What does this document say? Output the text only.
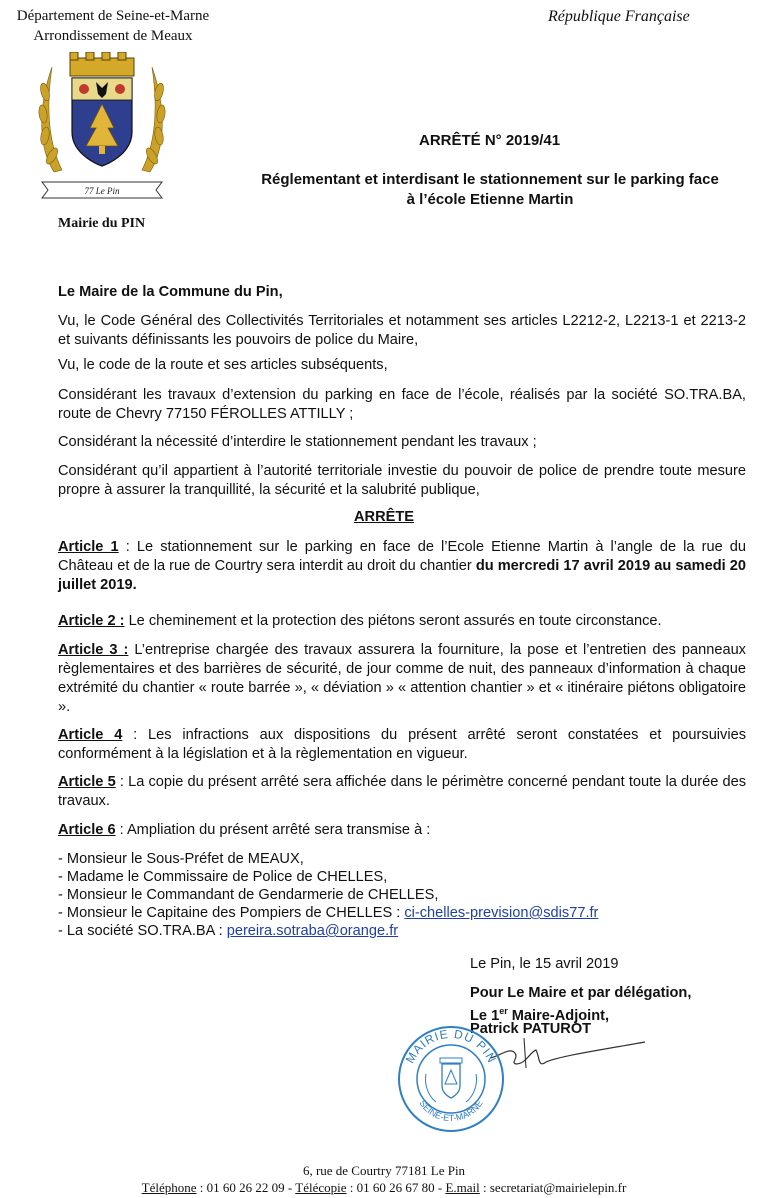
Département de Seine-et-Marne
Arrondissement de Meaux
République Française
77 Le Pin
Mairie du PIN
ARRÊTÉ N° 2019/41
Réglementant et interdisant le stationnement sur le parking face
à l’école Etienne Martin
Le Maire de la Commune du Pin,
Vu, le Code Général des Collectivités Territoriales et notamment ses articles L2212-2, L2213-1 et 2213-2 et suivants définissants les pouvoirs de police du Maire,
Vu, le code de la route et ses articles subséquents,
Considérant les travaux d’extension du parking en face de l’école, réalisés par la société SO.TRA.BA, route de Chevry 77150 FÉROLLES ATTILLY ;
Considérant la nécessité d’interdire le stationnement pendant les travaux ;
Considérant qu’il appartient à l’autorité territoriale investie du pouvoir de police de prendre toute mesure propre à assurer la tranquillité, la sécurité et la salubrité publique,
ARRÊTE
Article 1 : Le stationnement sur le parking en face de l’Ecole Etienne Martin à l’angle de la rue du Château et de la rue de Courtry sera interdit au droit du chantier du mercredi 17 avril 2019 au samedi 20 juillet 2019.
Article 2 : Le cheminement et la protection des piétons seront assurés en toute circonstance.
Article 3 : L’entreprise chargée des travaux assurera la fourniture, la pose et l’entretien des panneaux règlementaires et des barrières de sécurité, de jour comme de nuit, des panneaux d’information à chaque extrémité du chantier « route barrée », « déviation » « attention chantier » et « itinéraire piétons obligatoire ».
Article 4 : Les infractions aux dispositions du présent arrêté seront constatées et poursuivies conformément à la législation et à la règlementation en vigueur.
Article 5 : La copie du présent arrêté sera affichée dans le périmètre concerné pendant toute la durée des travaux.
Article 6 : Ampliation du présent arrêté sera transmise à :
- Monsieur le Sous-Préfet de MEAUX,
- Madame le Commissaire de Police de CHELLES,
- Monsieur le Commandant de Gendarmerie de CHELLES,
- Monsieur le Capitaine des Pompiers de CHELLES : ci-chelles-prevision@sdis77.fr
- La société SO.TRA.BA : pereira.sotraba@orange.fr
Le Pin, le 15 avril 2019
Pour Le Maire et par délégation,
Le 1er Maire-Adjoint,
Patrick PATUROT
MAIRIE DU PIN
SEINE-ET-MARNE
6, rue de Courtry 77181 Le Pin
Téléphone : 01 60 26 22 09 - Télécopie : 01 60 26 67 80 - E.mail : secretariat@mairielepin.fr
